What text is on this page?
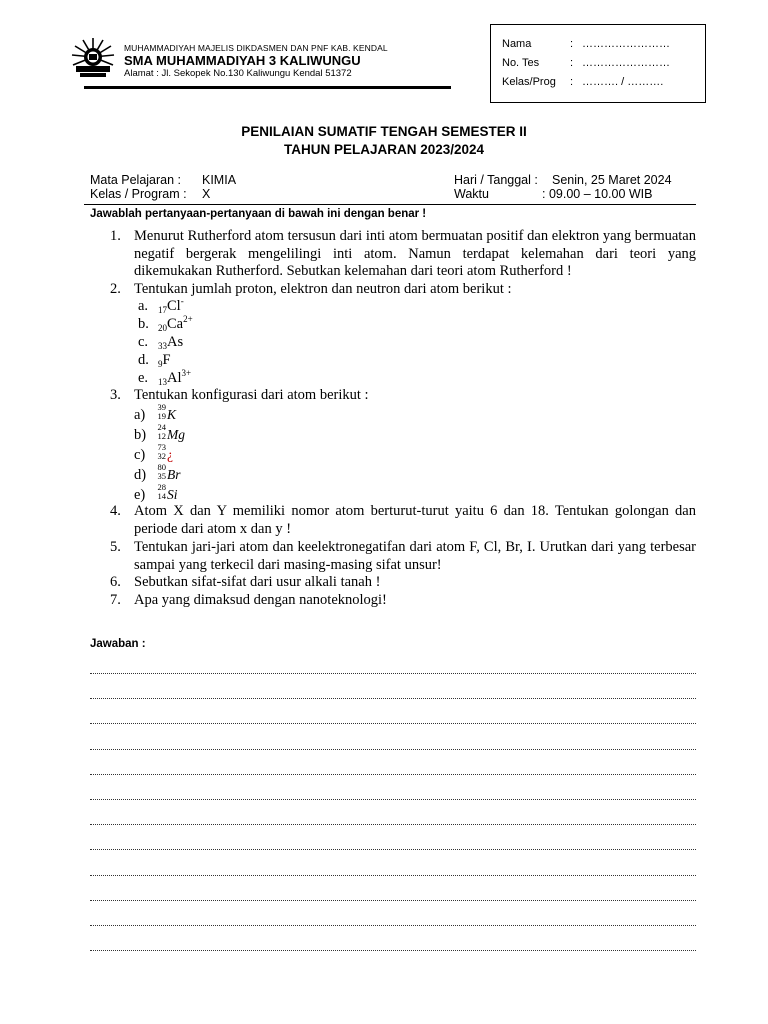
MUHAMMADIYAH MAJELIS DIKDASMEN DAN PNF KAB. KENDAL
SMA MUHAMMADIYAH 3 KALIWUNGU
Alamat : Jl. Sekopek No.130 Kaliwungu Kendal 51372
Nama	: ……………………
No. Tes	: ……………………
Kelas/Prog	: ………. / ……….
PENILAIAN SUMATIF TENGAH SEMESTER II
TAHUN PELAJARAN 2023/2024
Mata Pelajaran : KIMIA
Kelas / Program : X
Hari / Tanggal : Senin, 25 Maret 2024
Waktu	: 09.00 – 10.00 WIB
Jawablah pertanyaan-pertanyaan di bawah ini dengan benar !
1. Menurut Rutherford atom tersusun dari inti atom bermuatan positif dan elektron yang bermuatan negatif bergerak mengelilingi inti atom. Namun terdapat kelemahan dari teori yang dikemukakan Rutherford. Sebutkan kelemahan dari teori atom Rutherford !
2. Tentukan jumlah proton, elektron dan neutron dari atom berikut :
a. $_{17}$Cl-
b. $_{20}Ca^{2+}$
c. $_{33}$As
d. $_9$F
e. $_{13}Al^{3+}$
3. Tentukan konfigurasi dari atom berikut :
a) 39
19 K
b) 24
12 Mg
c) 73
32 ¿
d) 80
35 Br
e) 28
14 Si
4. Atom X dan Y memiliki nomor atom berturut-turut yaitu 6 dan 18. Tentukan golongan dan periode dari atom x dan y !
5. Tentukan jari-jari atom dan keelektronegatifan dari atom F, Cl, Br, I. Urutkan dari yang terbesar sampai yang terkecil dari masing-masing sifat unsur!
6. Sebutkan sifat-sifat dari usur alkali tanah !
7. Apa yang dimaksud dengan nanoteknologi!
Jawaban :
